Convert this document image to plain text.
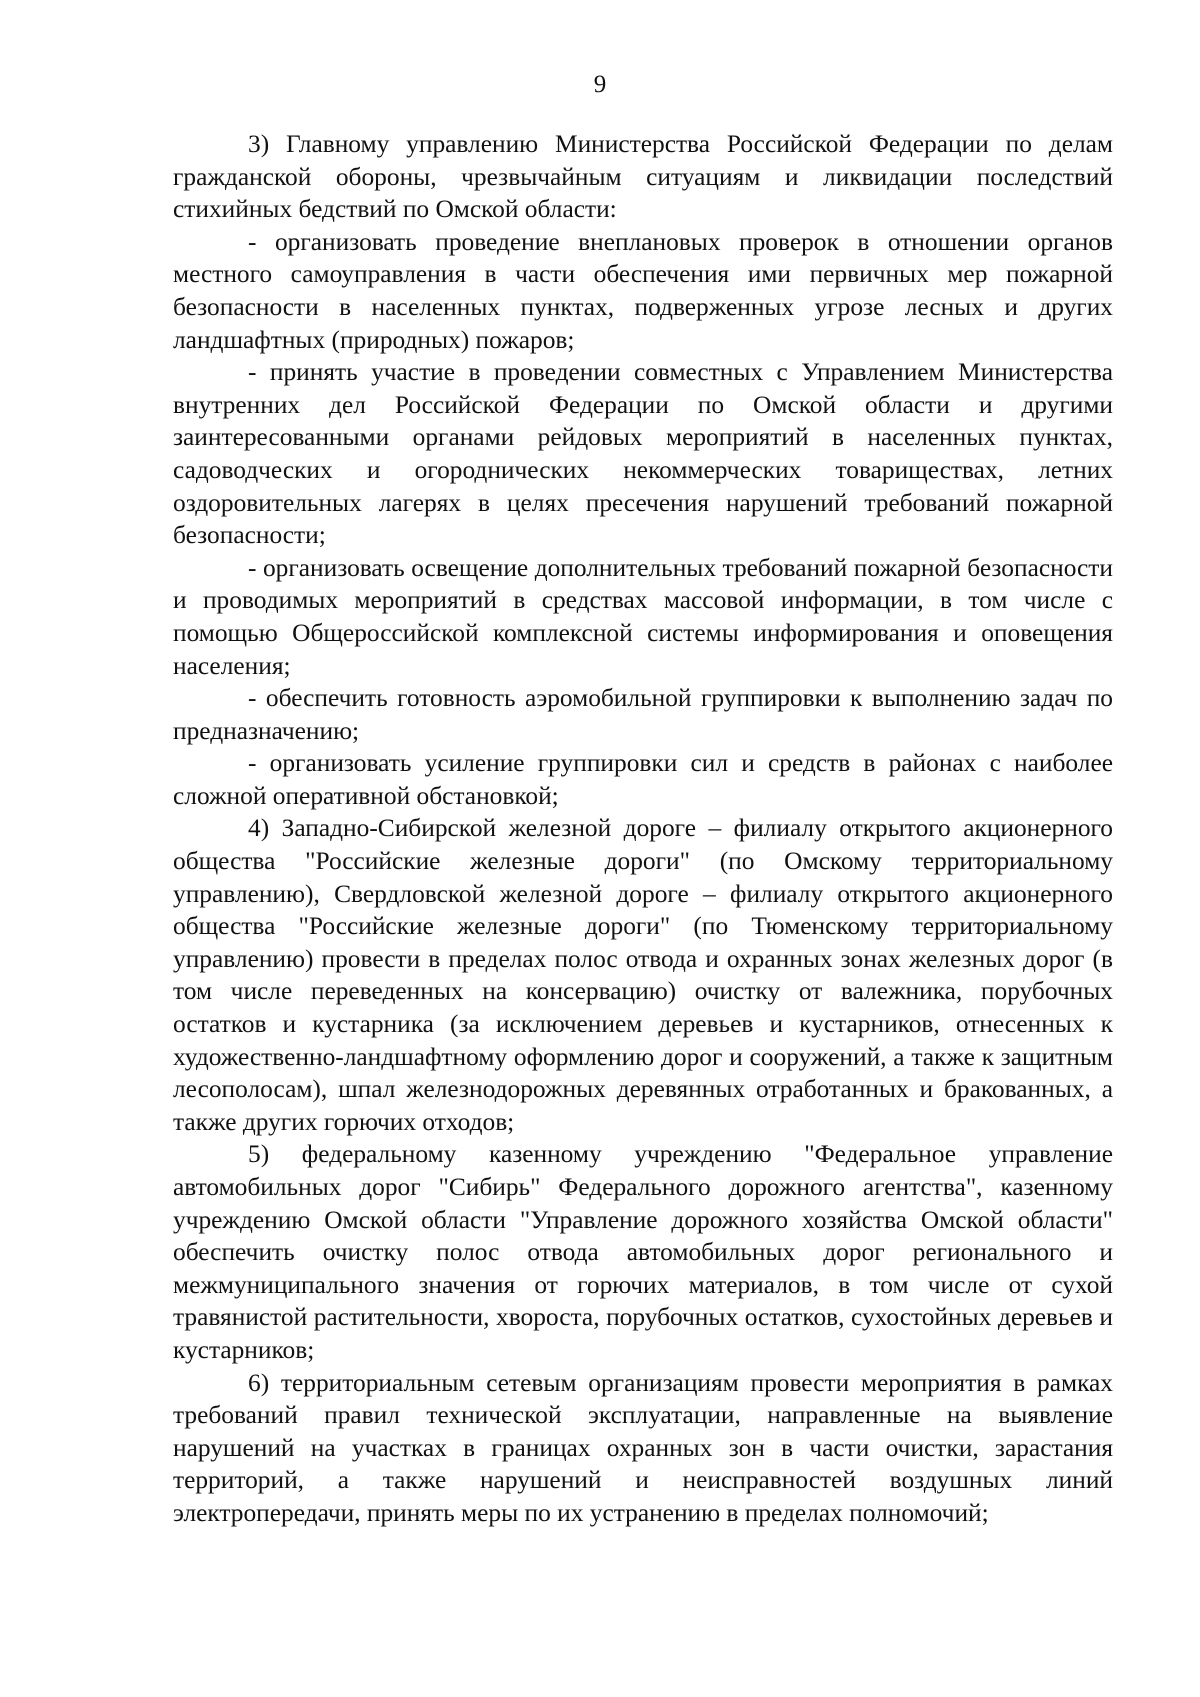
9

3) Главному управлению Министерства Российской Федерации по делам гражданской обороны, чрезвычайным ситуациям и ликвидации последствий стихийных бедствий по Омской области:

- организовать проведение внеплановых проверок в отношении органов местного самоуправления в части обеспечения ими первичных мер пожарной безопасности в населенных пунктах, подверженных угрозе лесных и других ландшафтных (природных) пожаров;

- принять участие в проведении совместных с Управлением Министерства внутренних дел Российской Федерации по Омской области и другими заинтересованными органами рейдовых мероприятий в населенных пунктах, садоводческих и огороднических некоммерческих товариществах, летних оздоровительных лагерях в целях пресечения нарушений требований пожарной безопасности;

- организовать освещение дополнительных требований пожарной безопасности и проводимых мероприятий в средствах массовой информации, в том числе с помощью Общероссийской комплексной системы информирования и оповещения населения;

- обеспечить готовность аэромобильной группировки к выполнению задач по предназначению;

- организовать усиление группировки сил и средств в районах с наиболее сложной оперативной обстановкой;

4) Западно-Сибирской железной дороге – филиалу открытого акционерного общества "Российские железные дороги" (по Омскому территориальному управлению), Свердловской железной дороге – филиалу открытого акционерного общества "Российские железные дороги" (по Тюменскому территориальному управлению) провести в пределах полос отвода и охранных зонах железных дорог (в том числе переведенных на консервацию) очистку от валежника, порубочных остатков и кустарника (за исключением деревьев и кустарников, отнесенных к художественно-ландшафтному оформлению дорог и сооружений, а также к защитным лесополосам), шпал железнодорожных деревянных отработанных и бракованных, а также других горючих отходов;

5) федеральному казенному учреждению "Федеральное управление автомобильных дорог "Сибирь" Федерального дорожного агентства", казенному учреждению Омской области "Управление дорожного хозяйства Омской области" обеспечить очистку полос отвода автомобильных дорог регионального и межмуниципального значения от горючих материалов, в том числе от сухой травянистой растительности, хвороста, порубочных остатков, сухостойных деревьев и кустарников;

6) территориальным сетевым организациям провести мероприятия в рамках требований правил технической эксплуатации, направленные на выявление нарушений на участках в границах охранных зон в части очистки, зарастания территорий, а также нарушений и неисправностей воздушных линий электропередачи, принять меры по их устранению в пределах полномочий;
